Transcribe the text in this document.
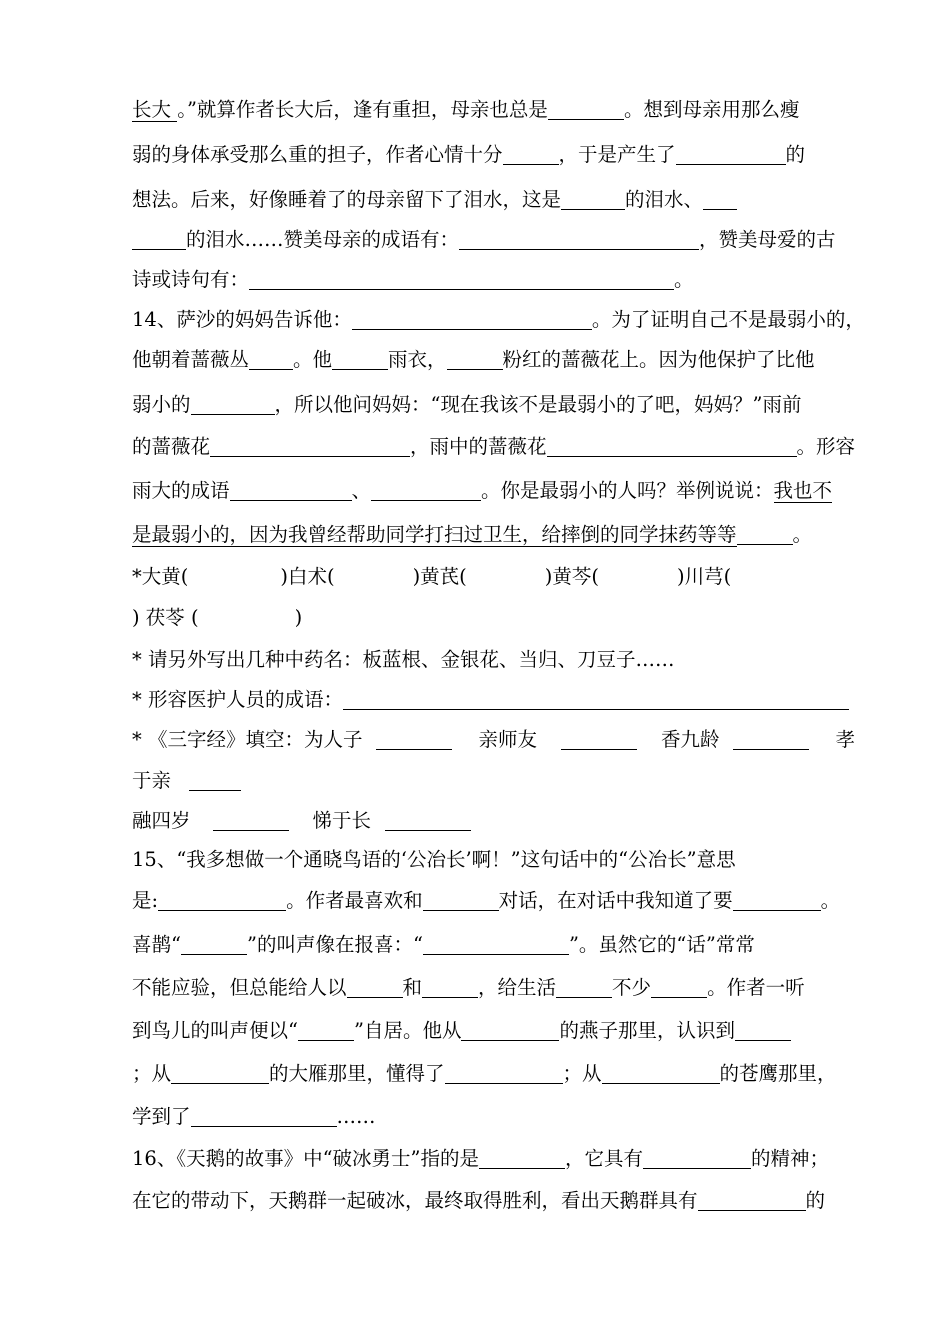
长大 。”就算作者长大后，逢有重担，母亲也总是	。想到母亲用那么瘦
弱的身体承受那么重的担子，作者心情十分	，于是产生了	的
想法。后来，好像睡着了的母亲留下了泪水，这是	的泪水、
的泪水……赞美母亲的成语有：	，赞美母爱的古
诗或诗句有：	。
14、萨沙的妈妈告诉他：	。为了证明自己不是最弱小的，
他朝着蔷薇丛 。他	雨衣，	粉红的蔷薇花上。因为他保护了比他
弱小的	，所以他问妈妈：“现在我该不是最弱小的了吧，妈妈？”雨前
的蔷薇花	，雨中的蔷薇花	。形容
雨大的成语	、	。你是最弱小的人吗？举例说说：我也不
是最弱小的，因为我曾经帮助同学打扫过卫生，给摔倒的同学抹药等等	。
*大黄(	)白术(	)黄芪(	)黄芩(	)川芎(
) 茯苓 (	)
* 请另外写出几种中药名：板蓝根、金银花、当归、刀豆子……
* 形容医护人员的成语：
* 《三字经》填空：为人子	亲师友	香九龄	孝
于亲
融四岁	悌于长
15、“我多想做一个通晓鸟语的‘公冶长’啊！”这句话中的“公冶长”意思
是:	。作者最喜欢和	对话，在对话中我知道了要	。
喜鹊“	”的叫声像在报喜：“	”。虽然它的“话”常常
不能应验，但总能给人以	和	，给生活	不少	。作者一听
到鸟儿的叫声便以“	”自居。他从	的燕子那里，认识到
；从	的大雁那里，懂得了	；从	的苍鹰那里，
学到了	……
16、《天鹅的故事》中“破冰勇士”指的是	，它具有	的精神；
在它的带动下，天鹅群一起破冰，最终取得胜利，看出天鹅群具有	的
